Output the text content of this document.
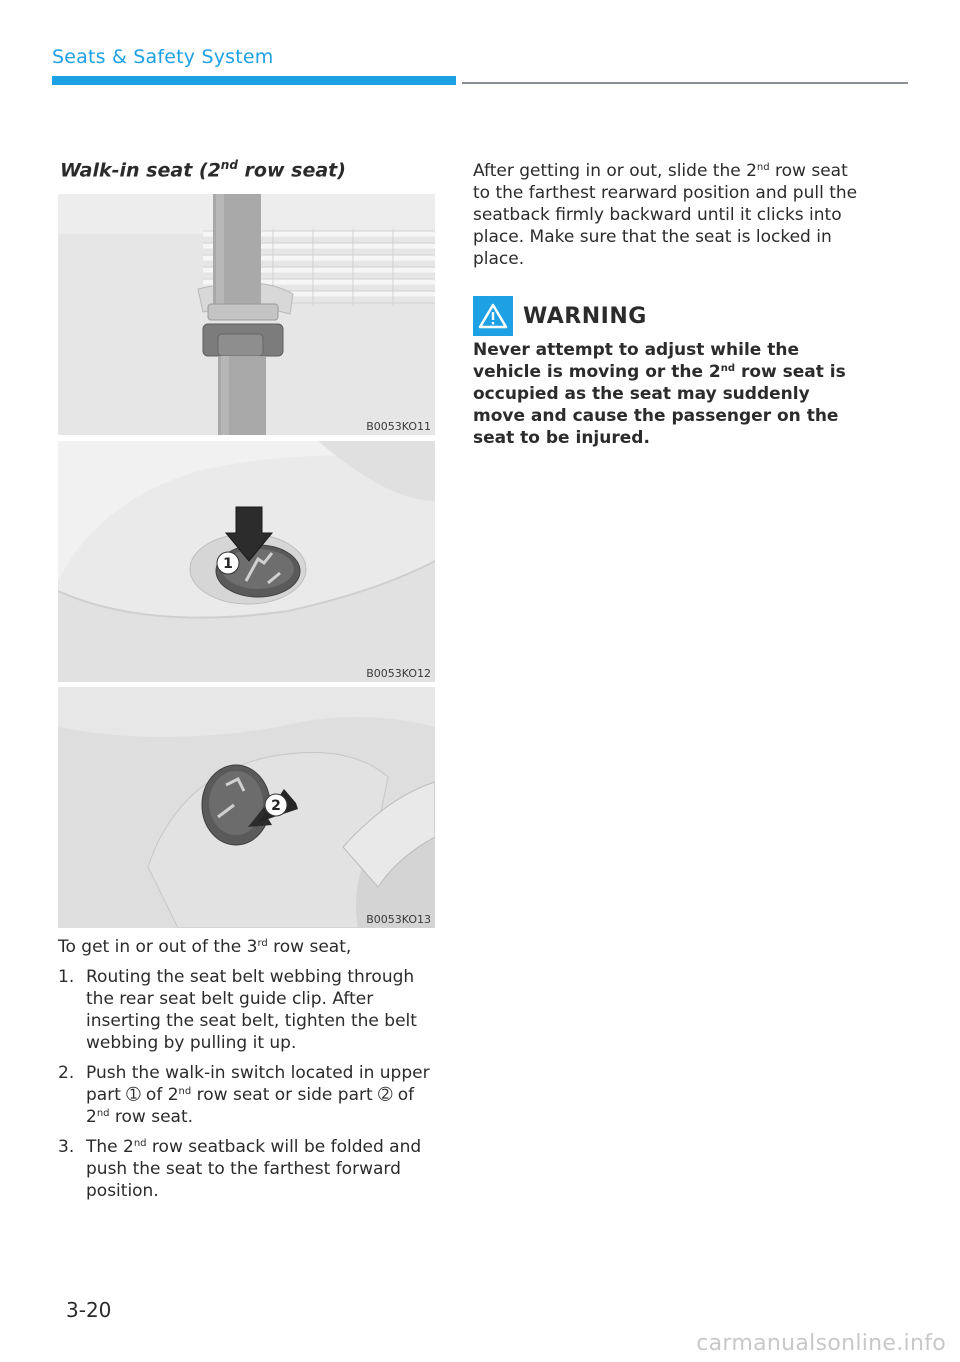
Seats & Safety System
Walk-in seat (2nd row seat)
B0053KO11
1
B0053KO12
2
B0053KO13
To get in or out of the 3rd row seat,
1. Routing the seat belt webbing through the rear seat belt guide clip. After inserting the seat belt, tighten the belt webbing by pulling it up.
2. Push the walk-in switch located in upper part ➀ of 2nd row seat or side part ➁ of 2nd row seat.
3. The 2nd row seatback will be folded and push the seat to the farthest forward position.
After getting in or out, slide the 2nd row seat to the farthest rearward position and pull the seatback firmly backward until it clicks into place. Make sure that the seat is locked in place.
WARNING
Never attempt to adjust while the vehicle is moving or the 2nd row seat is occupied as the seat may suddenly move and cause the passenger on the seat to be injured.
3-20
carmanualsonline.info
